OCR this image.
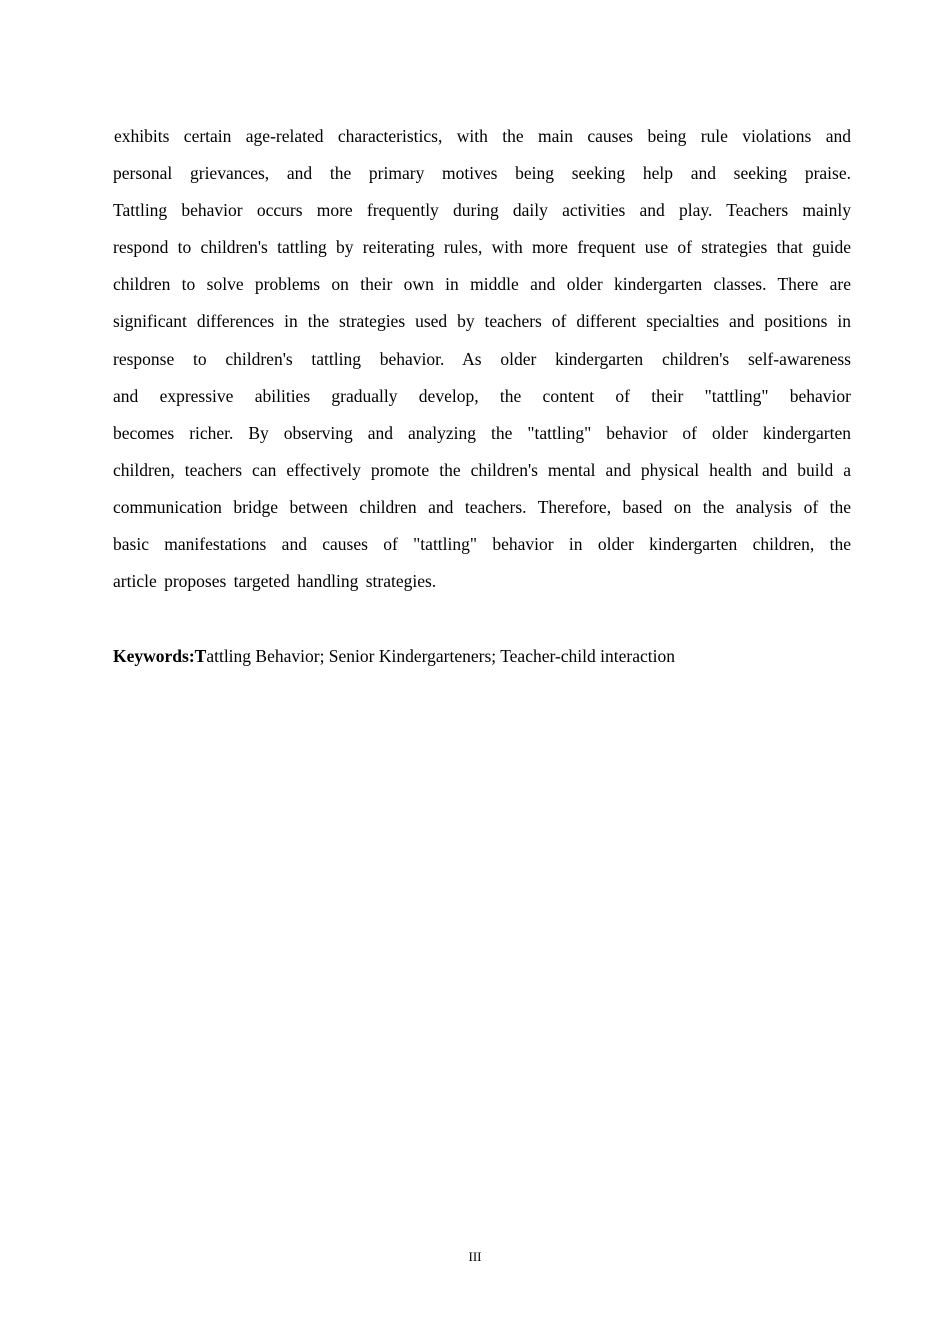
exhibits certain age-related characteristics, with the main causes being rule violations and
personal grievances, and the primary motives being seeking help and seeking praise.
Tattling behavior occurs more frequently during daily activities and play. Teachers mainly
respond to children's tattling by reiterating rules, with more frequent use of strategies that guide
children to solve problems on their own in middle and older kindergarten classes. There are
significant differences in the strategies used by teachers of different specialties and positions in
response to children's tattling behavior. As older kindergarten children's self-awareness
and expressive abilities gradually develop, the content of their "tattling" behavior
becomes richer. By observing and analyzing the "tattling" behavior of older kindergarten
children, teachers can effectively promote the children's mental and physical health and build a
communication bridge between children and teachers. Therefore, based on the analysis of the
basic manifestations and causes of "tattling" behavior in older kindergarten children, the
article proposes targeted handling strategies.
Keywords:Tattling Behavior; Senior Kindergarteners; Teacher-child interaction
III
